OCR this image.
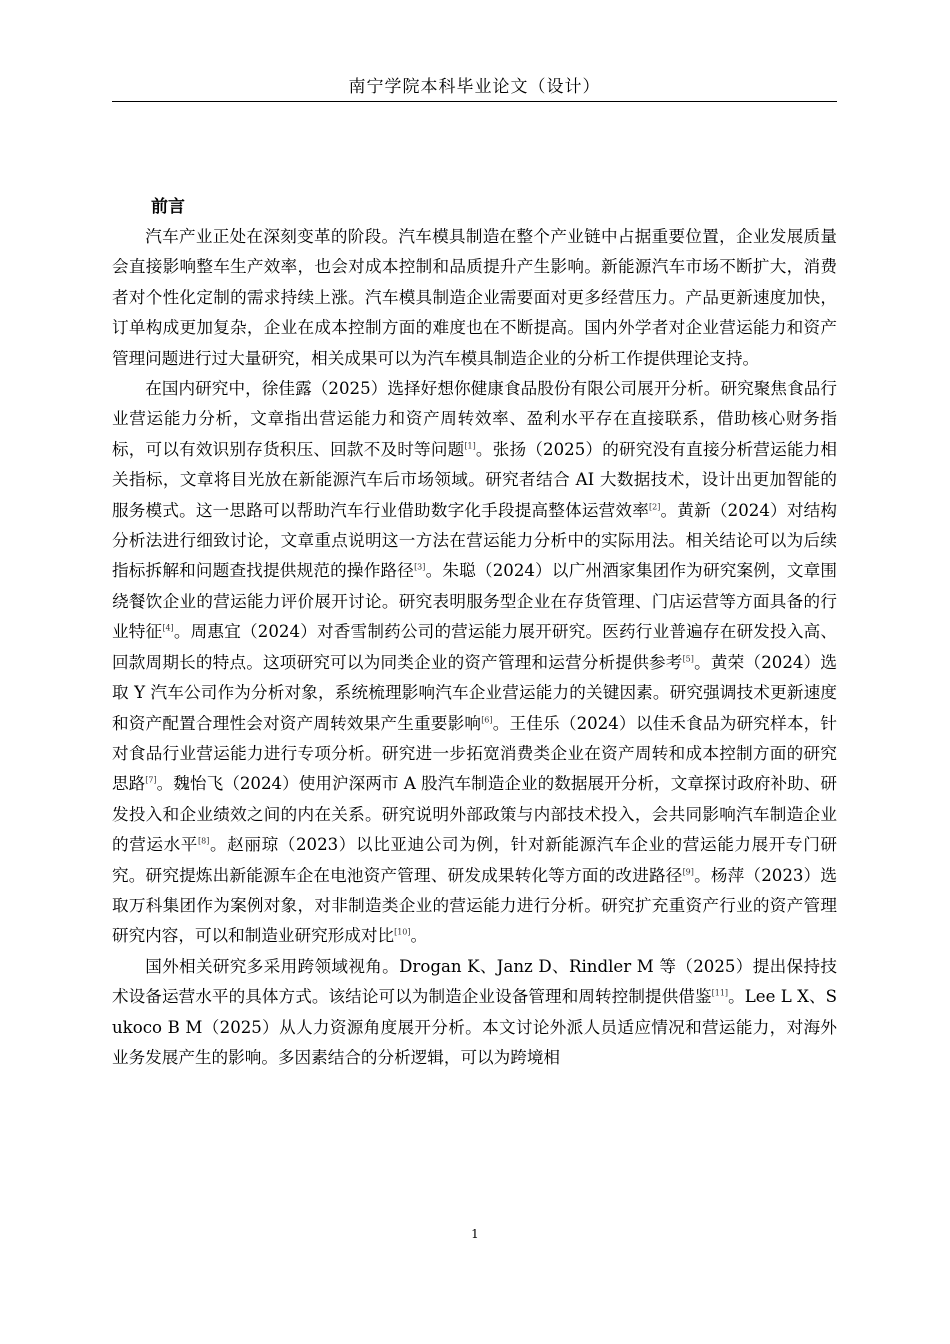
南宁学院本科毕业论文（设计）
前言

汽车产业正处在深刻变革的阶段。汽车模具制造在整个产业链中占据重要位置，企业发展质量会直接影响整车生产效率，也会对成本控制和品质提升产生影响。新能源汽车市场不断扩大，消费者对个性化定制的需求持续上涨。汽车模具制造企业需要面对更多经营压力。产品更新速度加快，订单构成更加复杂，企业在成本控制方面的难度也在不断提高。国内外学者对企业营运能力和资产管理问题进行过大量研究，相关成果可以为汽车模具制造企业的分析工作提供理论支持。

在国内研究中，徐佳露（2025）选择好想你健康食品股份有限公司展开分析。研究聚焦食品行业营运能力分析，文章指出营运能力和资产周转效率、盈利水平存在直接联系，借助核心财务指标，可以有效识别存货积压、回款不及时等问题[1]。张扬（2025）的研究没有直接分析营运能力相关指标，文章将目光放在新能源汽车后市场领域。研究者结合 AI 大数据技术，设计出更加智能的服务模式。这一思路可以帮助汽车行业借助数字化手段提高整体运营效率[2]。黄新（2024）对结构分析法进行细致讨论，文章重点说明这一方法在营运能力分析中的实际用法。相关结论可以为后续指标拆解和问题查找提供规范的操作路径[3]。朱聪（2024）以广州酒家集团作为研究案例，文章围绕餐饮企业的营运能力评价展开讨论。研究表明服务型企业在存货管理、门店运营等方面具备的行业特征[4]。周惠宜（2024）对香雪制药公司的营运能力展开研究。医药行业普遍存在研发投入高、回款周期长的特点。这项研究可以为同类企业的资产管理和运营分析提供参考[5]。黄荣（2024）选取 Y 汽车公司作为分析对象，系统梳理影响汽车企业营运能力的关键因素。研究强调技术更新速度和资产配置合理性会对资产周转效果产生重要影响[6]。王佳乐（2024）以佳禾食品为研究样本，针对食品行业营运能力进行专项分析。研究进一步拓宽消费类企业在资产周转和成本控制方面的研究思路[7]。魏怡飞（2024）使用沪深两市 A 股汽车制造企业的数据展开分析，文章探讨政府补助、研发投入和企业绩效之间的内在关系。研究说明外部政策与内部技术投入，会共同影响汽车制造企业的营运水平[8]。赵丽琼（2023）以比亚迪公司为例，针对新能源汽车企业的营运能力展开专门研究。研究提炼出新能源车企在电池资产管理、研发成果转化等方面的改进路径[9]。杨萍（2023）选取万科集团作为案例对象，对非制造类企业的营运能力进行分析。研究扩充重资产行业的资产管理研究内容，可以和制造业研究形成对比[10]。

国外相关研究多采用跨领域视角。Drogan K、Janz D、Rindler M 等（2025）提出保持技术设备运营水平的具体方式。该结论可以为制造企业设备管理和周转控制提供借鉴[11]。Lee L X、Sukoco B M（2025）从人力资源角度展开分析。本文讨论外派人员适应情况和营运能力，对海外业务发展产生的影响。多因素结合的分析逻辑，可以为跨境相

1
